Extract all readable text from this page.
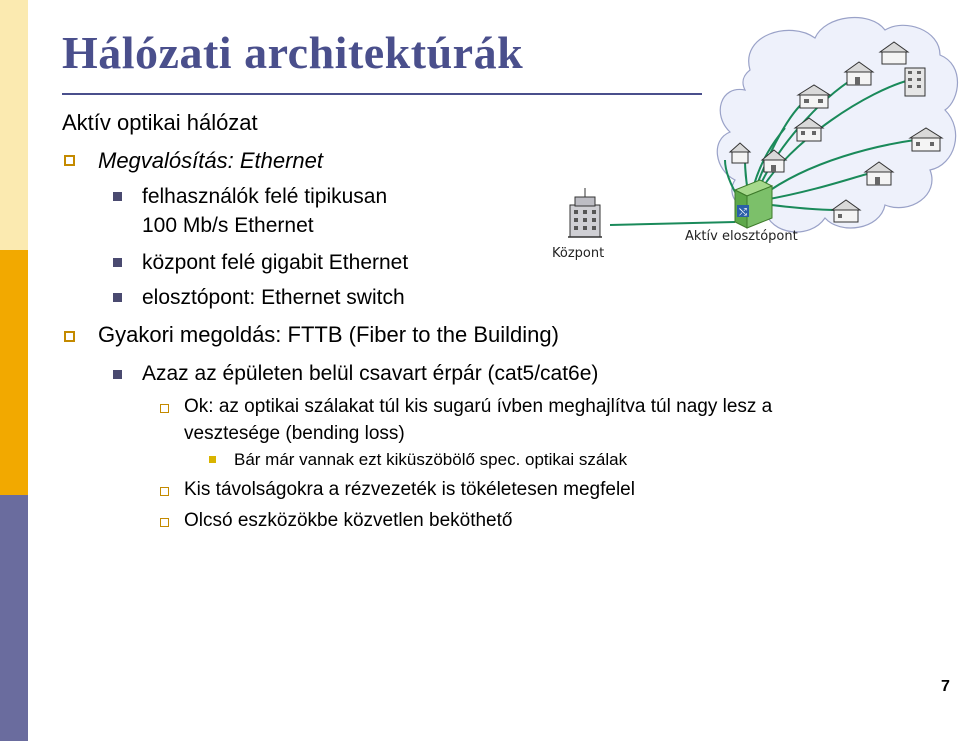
Hálózati architektúrák
Aktív optikai hálózat
Megvalósítás: Ethernet
felhasználók felé tipikusan
100 Mb/s Ethernet
központ felé gigabit Ethernet
elosztópont: Ethernet switch
Gyakori megoldás: FTTB (Fiber to the Building)
Azaz az épületen belül csavart érpár (cat5/cat6e)
Ok: az optikai szálakat túl kis sugarú ívben meghajlítva túl nagy lesz a
vesztesége (bending loss)
Bár már vannak ezt kiküszöbölő spec. optikai szálak
Kis távolságokra a rézvezeték is tökéletesen megfelel
Olcsó eszközökbe közvetlen beköthető
Központ
⤭
Aktív elosztópont
7
